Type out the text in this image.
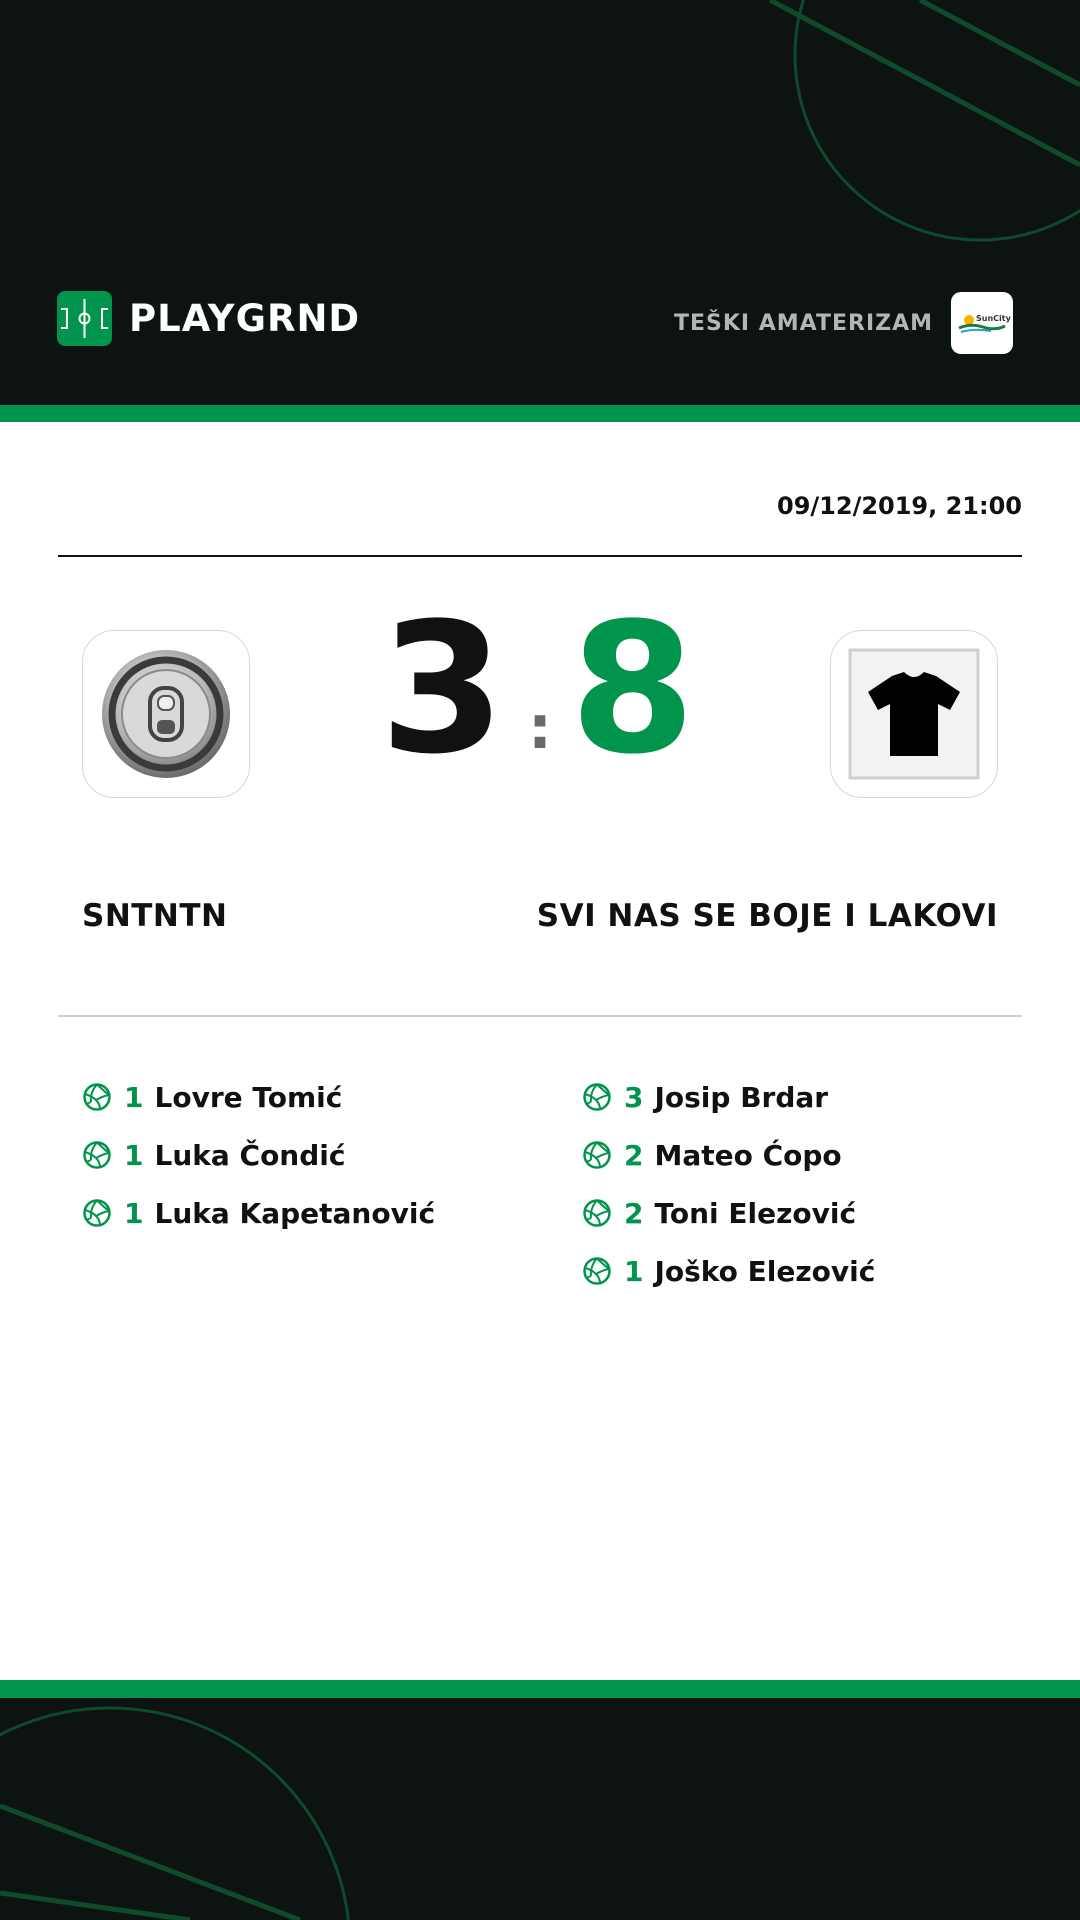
PLAYGRND	TEŠKI AMATERIZAM	SunCity
09/12/2019, 21:00
3 : 8
SNTNTN	SVI NAS SE BOJE I LAKOVI
1 Lovre Tomić
1 Luka Čondić
1 Luka Kapetanović
3 Josip Brdar
2 Mateo Ćopo
2 Toni Elezović
1 Joško Elezović
